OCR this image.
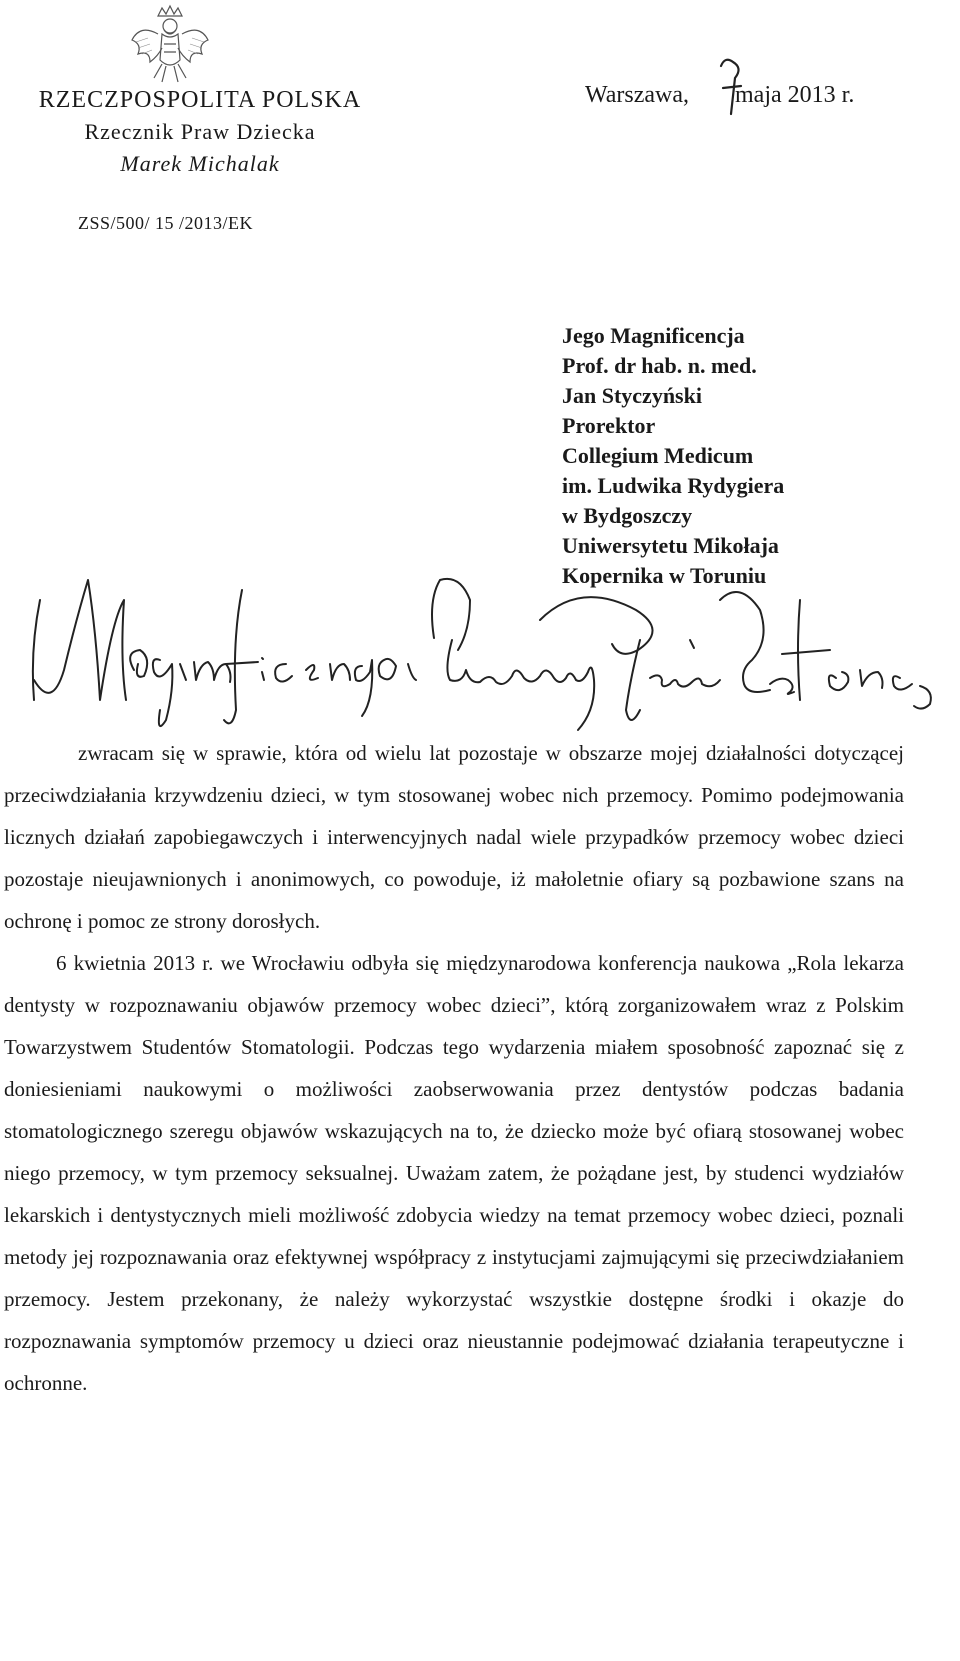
RZECZPOSPOLITA POLSKA
Rzecznik Praw Dziecka
Marek Michalak
Warszawa, maja 2013 r.
ZSS/500/ 15 /2013/EK
Jego Magnificencja
Prof. dr hab. n. med.
Jan Styczyński
Prorektor
Collegium Medicum
im. Ludwika Rydygiera
w Bydgoszczy
Uniwersytetu Mikołaja
Kopernika w Toruniu

zwracam się w sprawie, która od wielu lat pozostaje w obszarze mojej działalności dotyczącej przeciwdziałania krzywdzeniu dzieci, w tym stosowanej wobec nich przemocy. Pomimo podejmowania licznych działań zapobiegawczych i interwencyjnych nadal wiele przypadków przemocy wobec dzieci pozostaje nieujawnionych i anonimowych, co powoduje, iż małoletnie ofiary są pozbawione szans na ochronę i pomoc ze strony dorosłych.

6 kwietnia 2013 r. we Wrocławiu odbyła się międzynarodowa konferencja naukowa „Rola lekarza dentysty w rozpoznawaniu objawów przemocy wobec dzieci”, którą zorganizowałem wraz z Polskim Towarzystwem Studentów Stomatologii. Podczas tego wydarzenia miałem sposobność zapoznać się z doniesieniami naukowymi o możliwości zaobserwowania przez dentystów podczas badania stomatologicznego szeregu objawów wskazujących na to, że dziecko może być ofiarą stosowanej wobec niego przemocy, w tym przemocy seksualnej. Uważam zatem, że pożądane jest, by studenci wydziałów lekarskich i dentystycznych mieli możliwość zdobycia wiedzy na temat przemocy wobec dzieci, poznali metody jej rozpoznawania oraz efektywnej współpracy z instytucjami zajmującymi się przeciwdziałaniem przemocy. Jestem przekonany, że należy wykorzystać wszystkie dostępne środki i okazje do rozpoznawania symptomów przemocy u dzieci oraz nieustannie podejmować działania terapeutyczne i ochronne.
